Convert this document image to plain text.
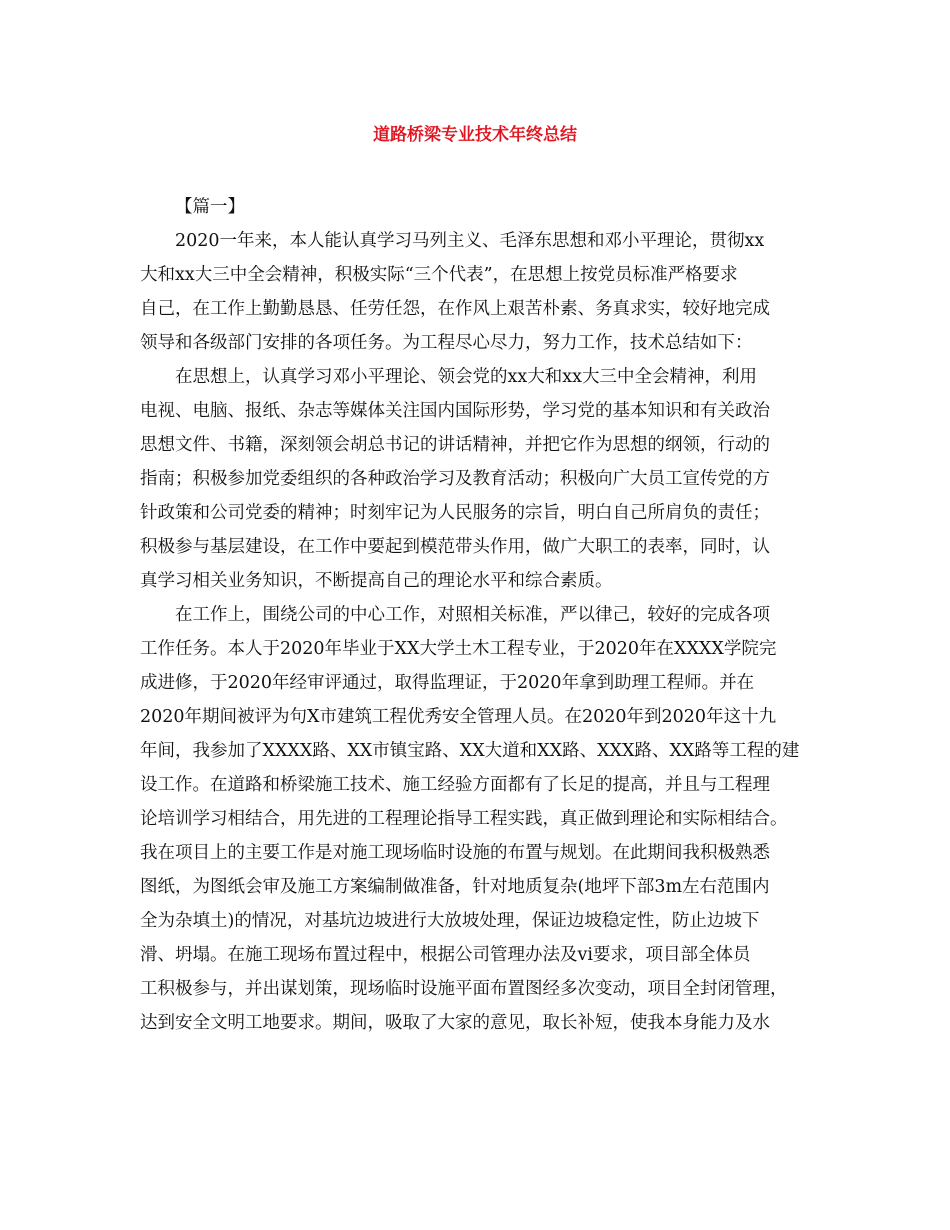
道路桥梁专业技术年终总结
【篇一】
2020一年来，本人能认真学习马列主义、毛泽东思想和邓小平理论，贯彻xx
大和xx大三中全会精神，积极实际“三个代表”，在思想上按党员标准严格要求
自己，在工作上勤勤恳恳、任劳任怨，在作风上艰苦朴素、务真求实，较好地完成
领导和各级部门安排的各项任务。为工程尽心尽力，努力工作，技术总结如下：
在思想上，认真学习邓小平理论、领会党的xx大和xx大三中全会精神，利用
电视、电脑、报纸、杂志等媒体关注国内国际形势，学习党的基本知识和有关政治
思想文件、书籍，深刻领会胡总书记的讲话精神，并把它作为思想的纲领，行动的
指南；积极参加党委组织的各种政治学习及教育活动；积极向广大员工宣传党的方
针政策和公司党委的精神；时刻牢记为人民服务的宗旨，明白自己所肩负的责任；
积极参与基层建设，在工作中要起到模范带头作用，做广大职工的表率，同时，认
真学习相关业务知识，不断提高自己的理论水平和综合素质。
在工作上，围绕公司的中心工作，对照相关标准，严以律己，较好的完成各项
工作任务。本人于2020年毕业于XX大学土木工程专业，于2020年在XXXX学院完
成进修，于2020年经审评通过，取得监理证，于2020年拿到助理工程师。并在
2020年期间被评为句X市建筑工程优秀安全管理人员。在2020年到2020年这十九
年间，我参加了XXXX路、XX市镇宝路、XX大道和XX路、XXX路、XX路等工程的建
设工作。在道路和桥梁施工技术、施工经验方面都有了长足的提高，并且与工程理
论培训学习相结合，用先进的工程理论指导工程实践，真正做到理论和实际相结合。
我在项目上的主要工作是对施工现场临时设施的布置与规划。在此期间我积极熟悉
图纸，为图纸会审及施工方案编制做准备，针对地质复杂(地坪下部3m左右范围内
全为杂填土)的情况，对基坑边坡进行大放坡处理，保证边坡稳定性，防止边坡下
滑、坍塌。在施工现场布置过程中，根据公司管理办法及vi要求，项目部全体员
工积极参与，并出谋划策，现场临时设施平面布置图经多次变动，项目全封闭管理，
达到安全文明工地要求。期间，吸取了大家的意见，取长补短，使我本身能力及水
